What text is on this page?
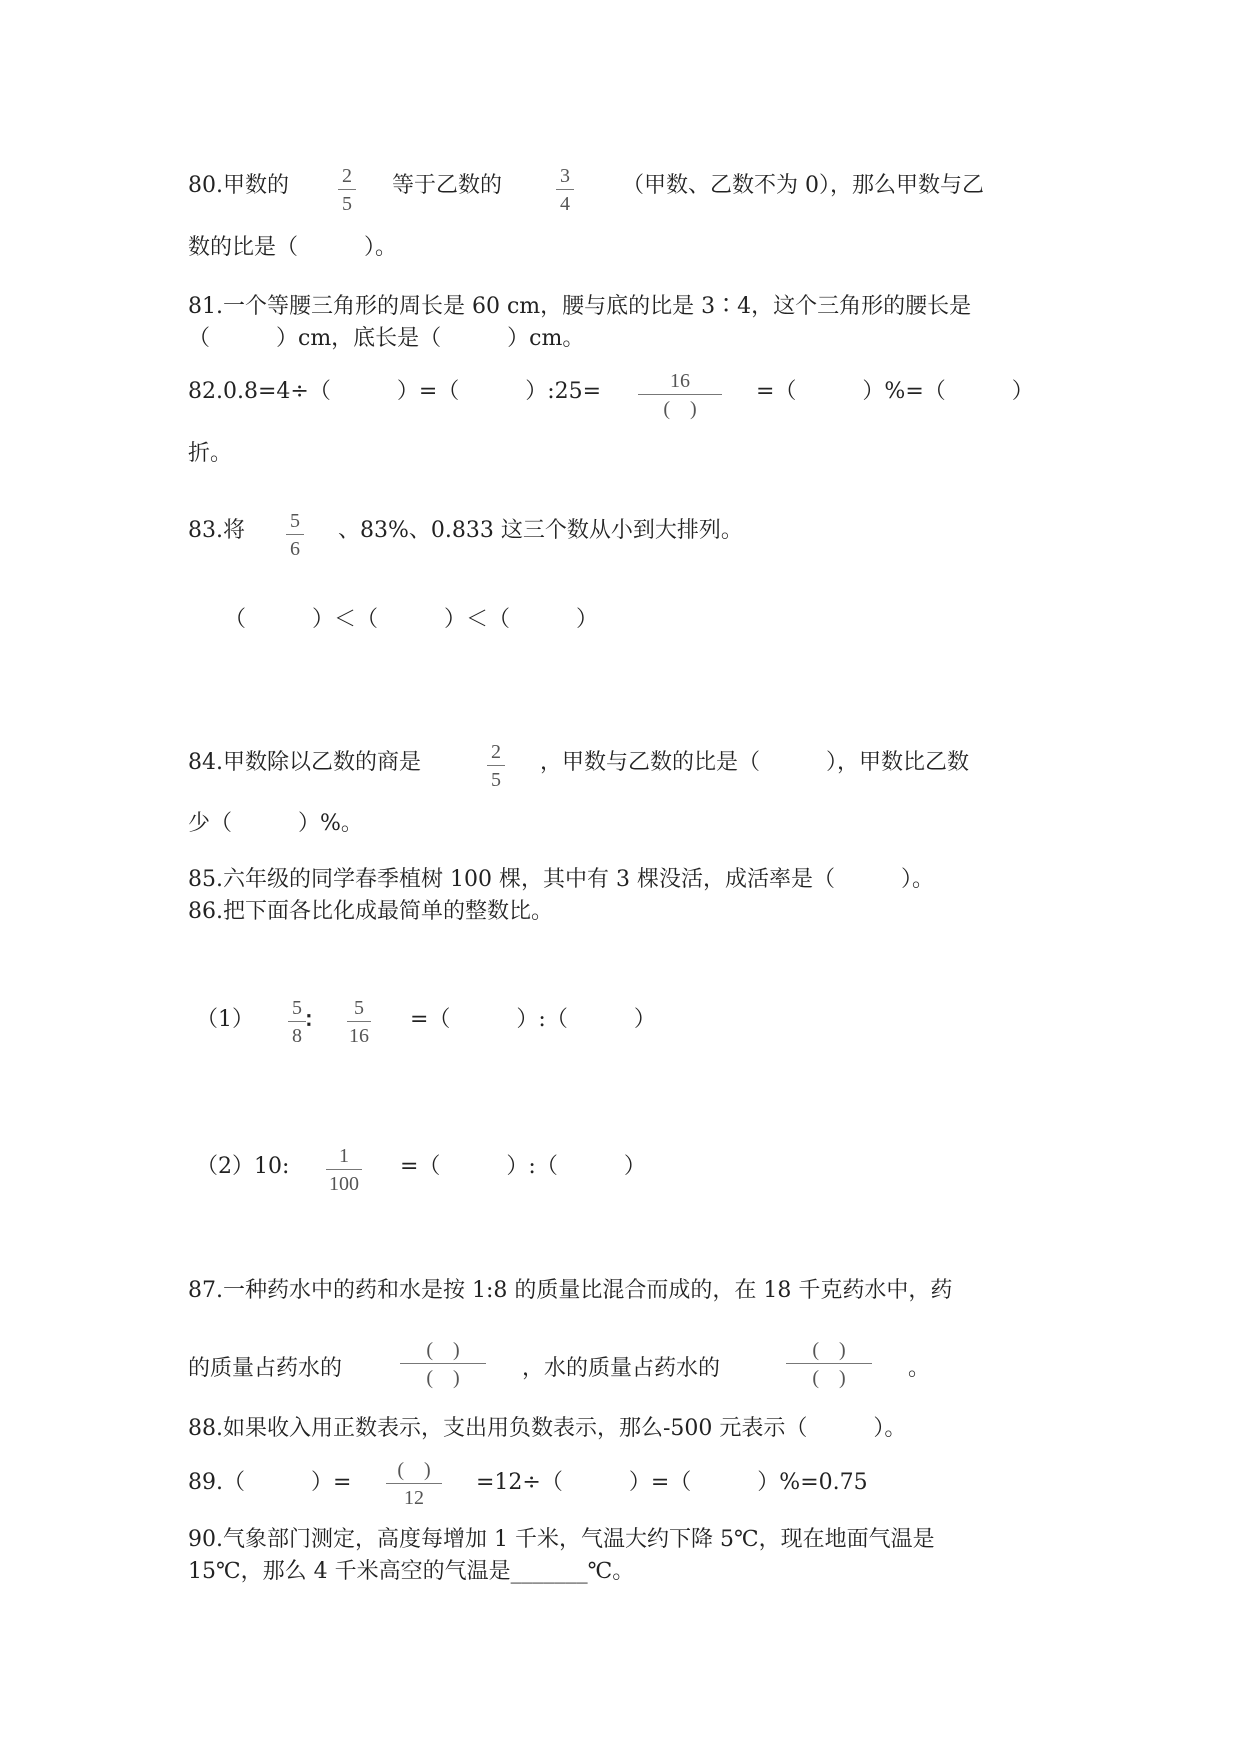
80.甲数的	2
5
等于乙数的	3
4
（甲数、乙数不为 0），那么甲数与乙
数的比是（　　　）。
81.一个等腰三角形的周长是 60 cm，腰与底的比是 3∶4，这个三角形的腰长是
（　　　）cm，底长是（　　　）cm。
82.0.8=4÷（　　　）=（　　　）:25=	16
(　)
=（　　　）%=（　　　）
折。
83.将	5
6
、83%、0.833 这三个数从小到大排列。
（　　　）＜（　　　）＜（　　　）
84.甲数除以乙数的商是	2
5
，甲数与乙数的比是（　　　），甲数比乙数
少（　　　）%。
85.六年级的同学春季植树 100 棵，其中有 3 棵没活，成活率是（　　　）。
86.把下面各比化成最简单的整数比。
（1）	5
8
∶	5
16
=（　　　）:（　　　）
（2）10:	1
100
=（　　　）:（　　　）
87.一种药水中的药和水是按 1:8 的质量比混合而成的，在 18 千克药水中，药
的质量占药水的
(　)
(　)	，水的质量占药水的
(　)
(　)	。
88.如果收入用正数表示，支出用负数表示，那么-500 元表示（　　　）。
89.（　　　）=	(　)
12
=12÷（　　　）=（　　　）%=0.75
90.气象部门测定，高度每增加 1 千米，气温大约下降 5℃，现在地面气温是
15℃，那么 4 千米高空的气温是_______℃。
